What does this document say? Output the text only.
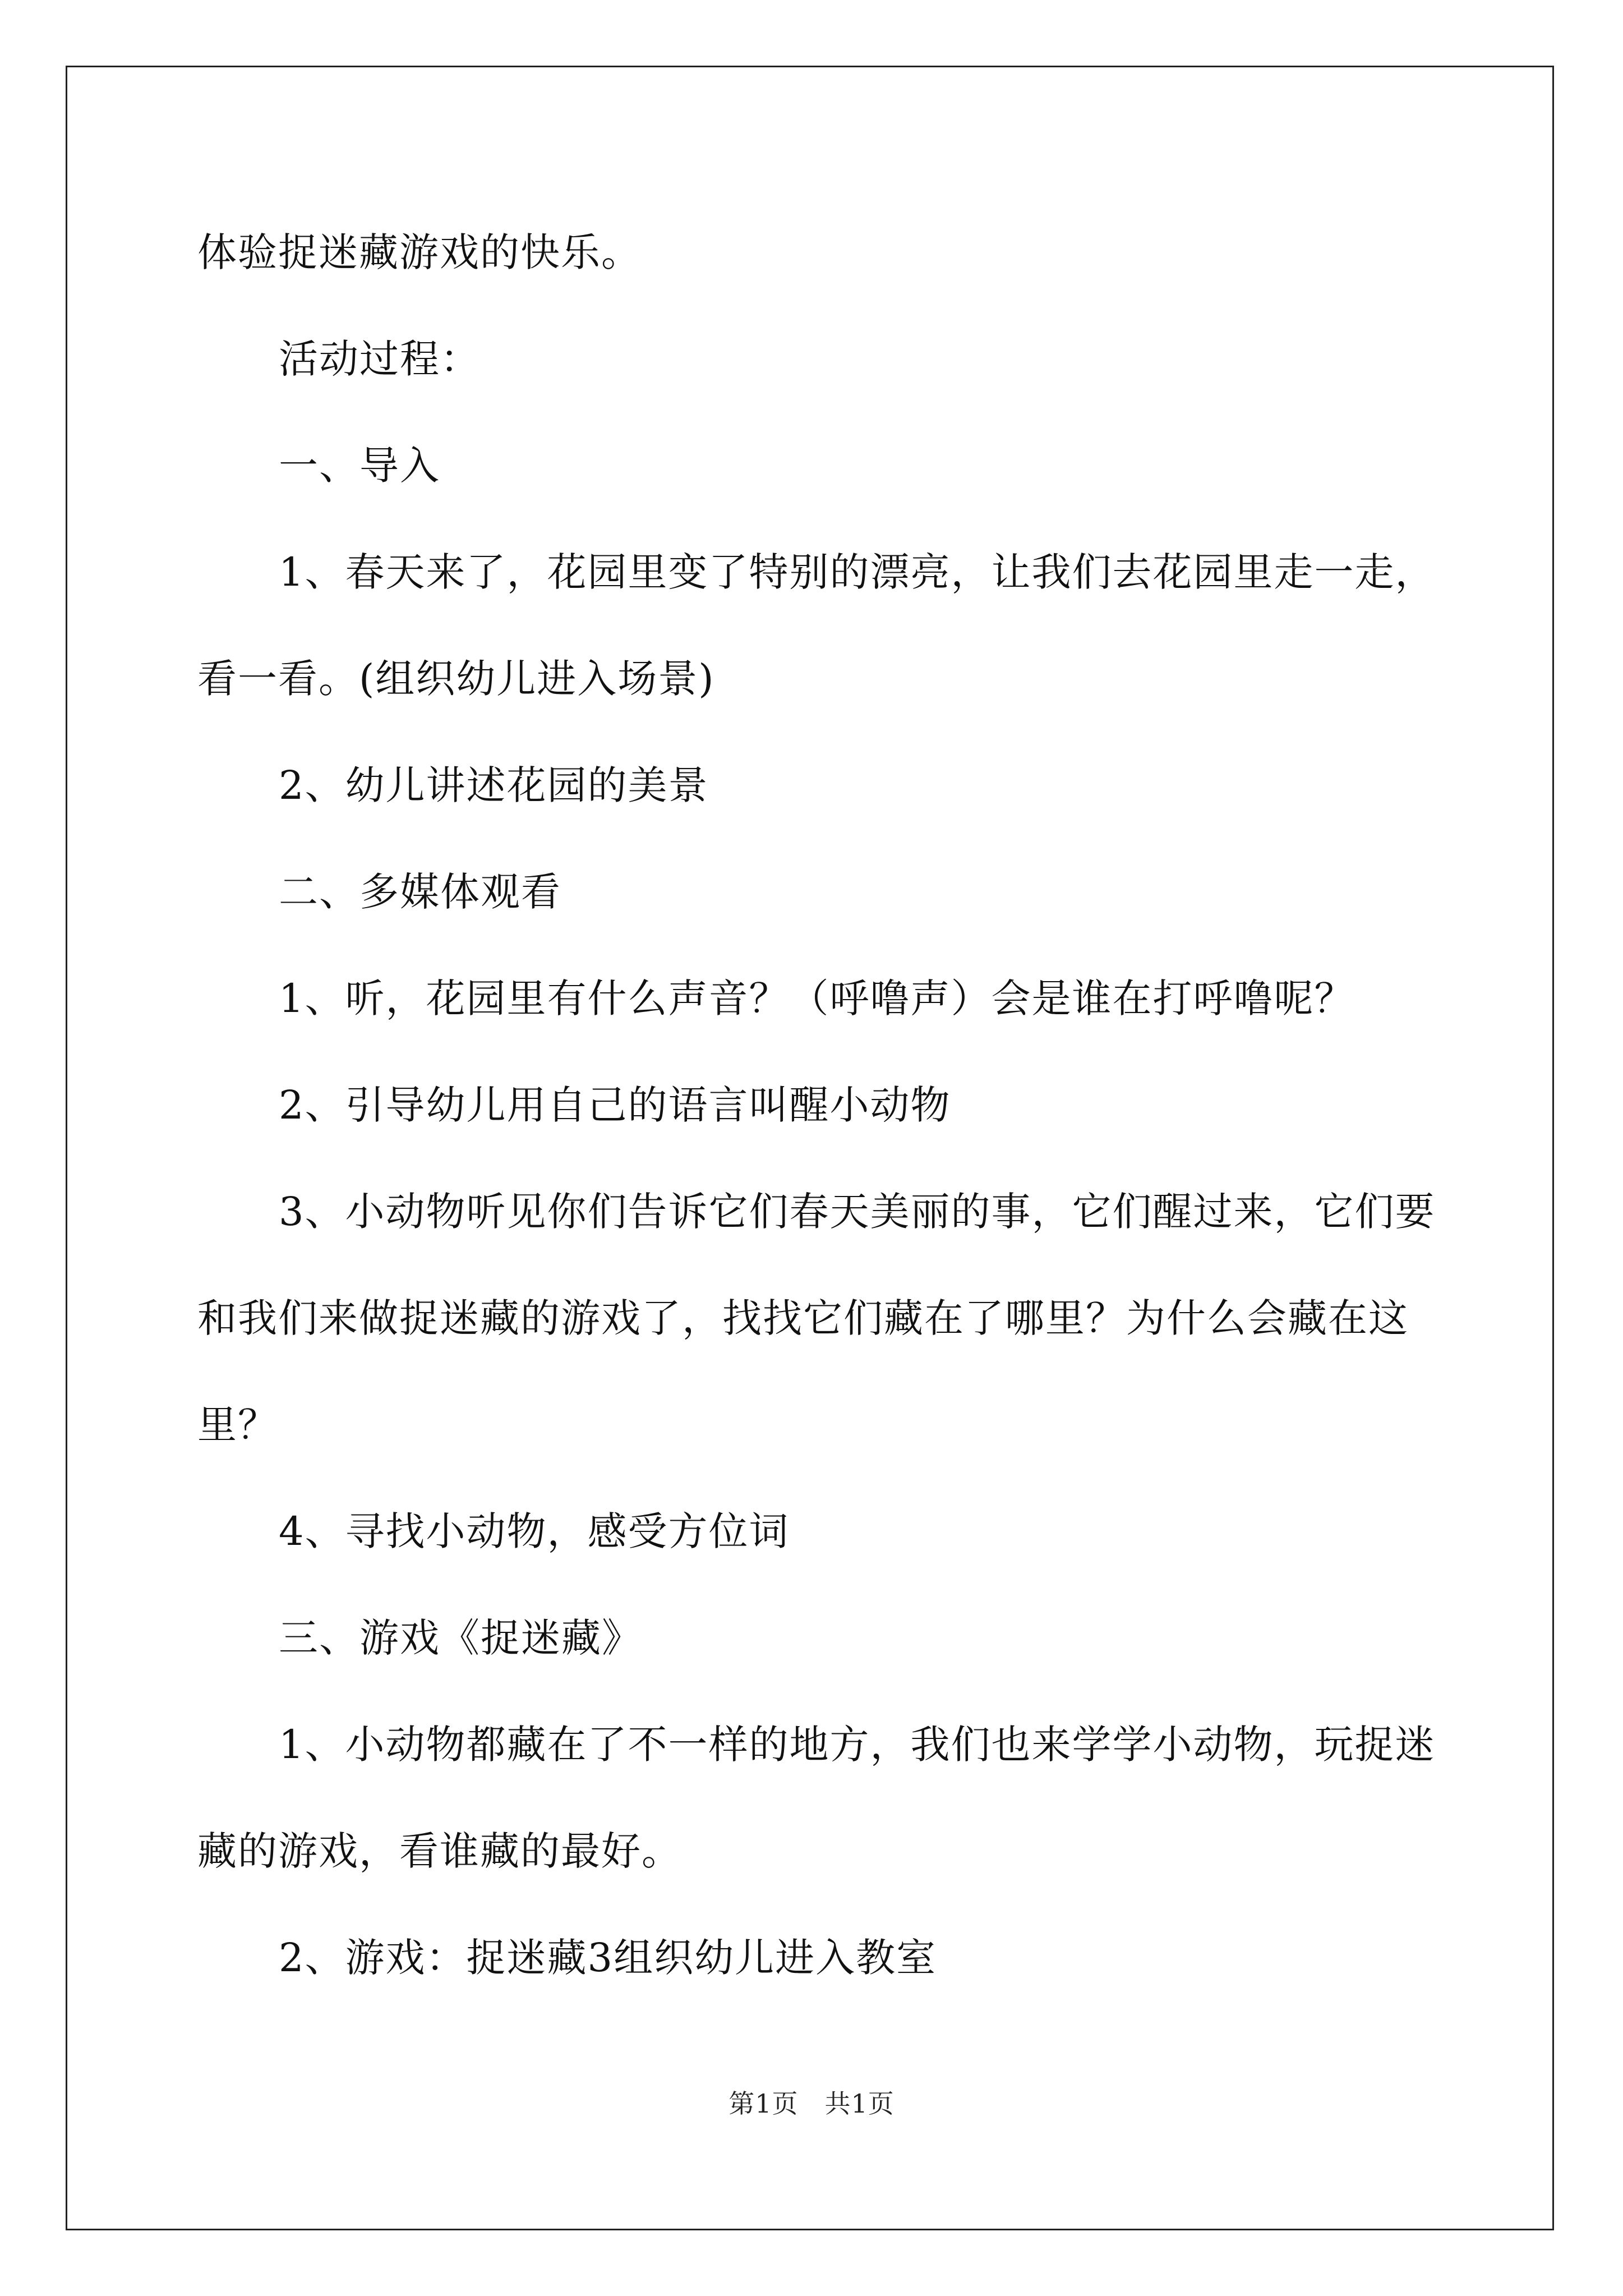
体验捉迷藏游戏的快乐。
活动过程：
一、导入
1、春天来了，花园里变了特别的漂亮，让我们去花园里走一走，
看一看。(组织幼儿进入场景)
2、幼儿讲述花园的美景
二、多媒体观看
1、听，花园里有什么声音？（呼噜声）会是谁在打呼噜呢？
2、引导幼儿用自己的语言叫醒小动物
3、小动物听见你们告诉它们春天美丽的事，它们醒过来，它们要
和我们来做捉迷藏的游戏了，找找它们藏在了哪里？为什么会藏在这
里？
4、寻找小动物，感受方位词
三、游戏《捉迷藏》
1、小动物都藏在了不一样的地方，我们也来学学小动物，玩捉迷
藏的游戏，看谁藏的最好。
2、游戏：捉迷藏3组织幼儿进入教室
第1页　共1页
